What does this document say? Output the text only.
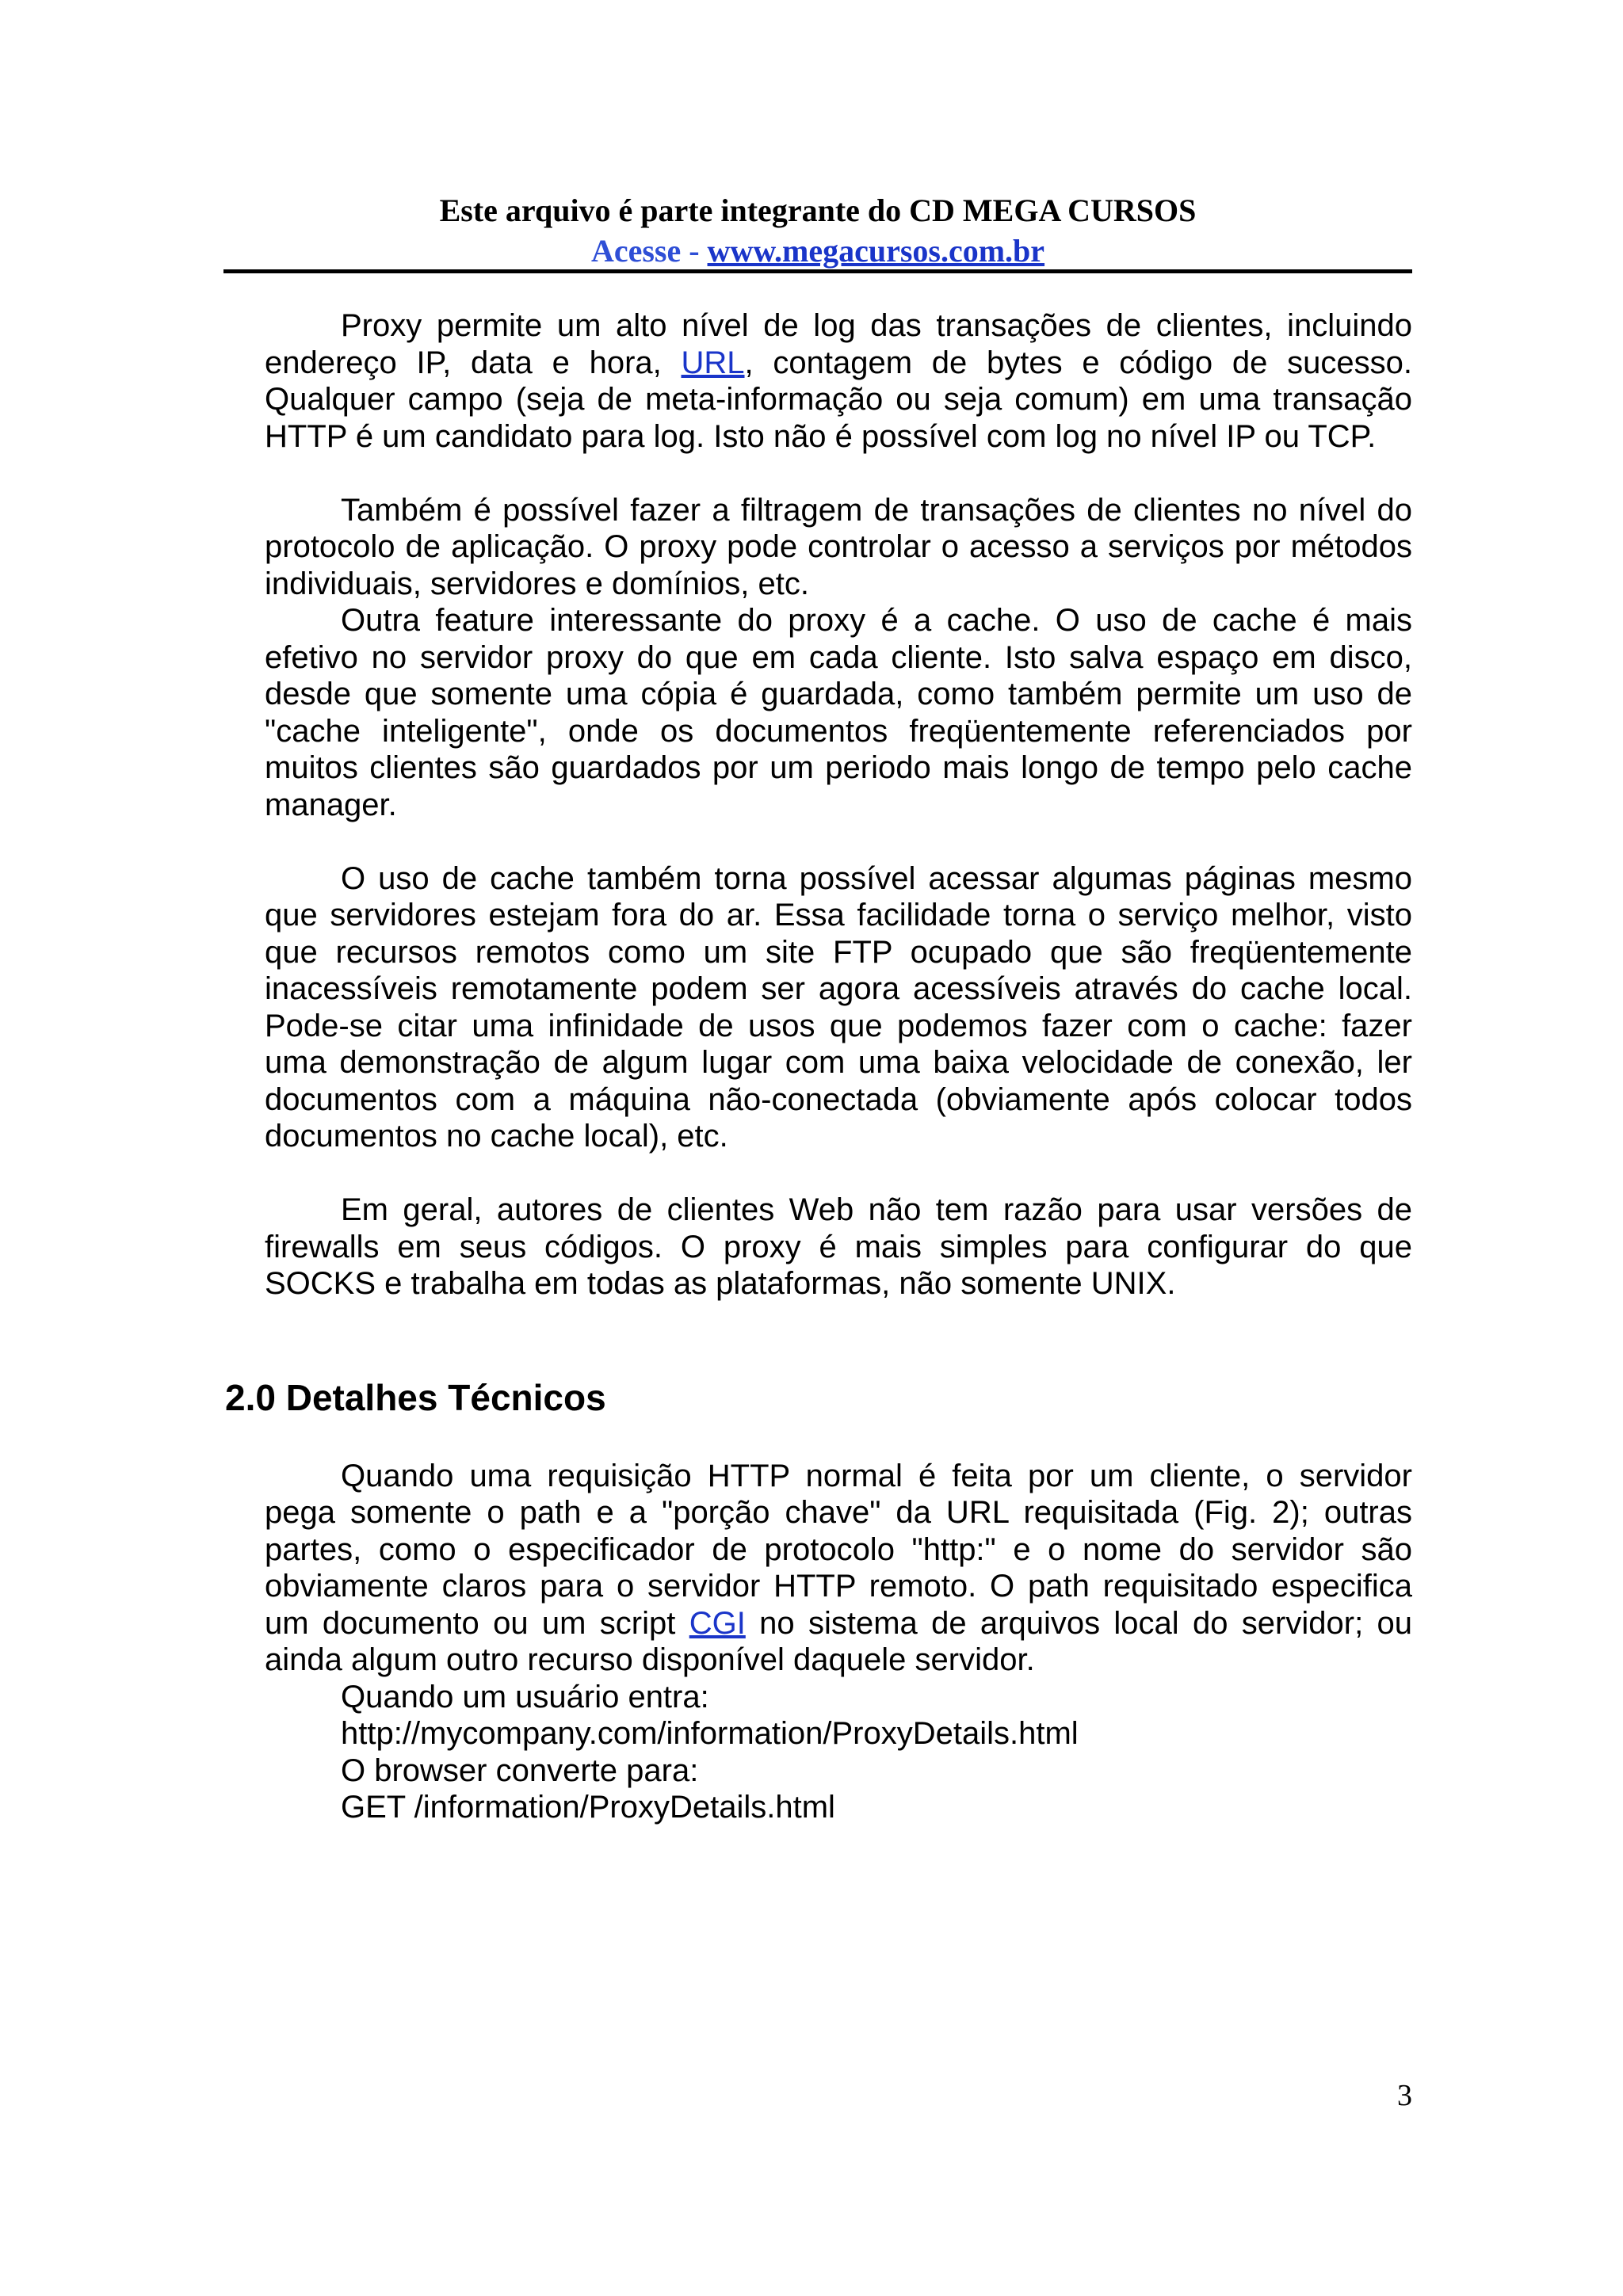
Este arquivo é parte integrante do CD MEGA CURSOS
Acesse - www.megacursos.com.br

Proxy permite um alto nível de log das transações de clientes, incluindo endereço IP, data e hora, URL, contagem de bytes e código de sucesso. Qualquer campo (seja de meta-informação ou seja comum) em uma transação HTTP é um candidato para log. Isto não é possível com log no nível IP ou TCP.

Também é possível fazer a filtragem de transações de clientes no nível do protocolo de aplicação. O proxy pode controlar o acesso a serviços por métodos individuais, servidores e domínios, etc.

Outra feature interessante do proxy é a cache. O uso de cache é mais efetivo no servidor proxy do que em cada cliente. Isto salva espaço em disco, desde que somente uma cópia é guardada, como também permite um uso de "cache inteligente", onde os documentos freqüentemente referenciados por muitos clientes são guardados por um periodo mais longo de tempo pelo cache manager.

O uso de cache também torna possível acessar algumas páginas mesmo que servidores estejam fora do ar. Essa facilidade torna o serviço melhor, visto que recursos remotos como um site FTP ocupado que são freqüentemente inacessíveis remotamente podem ser agora acessíveis através do cache local. Pode-se citar uma infinidade de usos que podemos fazer com o cache: fazer uma demonstração de algum lugar com uma baixa velocidade de conexão, ler documentos com a máquina não-conectada (obviamente após colocar todos documentos no cache local), etc.

Em geral, autores de clientes Web não tem razão para usar versões de firewalls em seus códigos. O proxy é mais simples para configurar do que SOCKS e trabalha em todas as plataformas, não somente UNIX.

2.0 Detalhes Técnicos

Quando uma requisição HTTP normal é feita por um cliente, o servidor pega somente o path e a "porção chave" da URL requisitada (Fig. 2); outras partes, como o especificador de protocolo "http:" e o nome do servidor são obviamente claros para o servidor HTTP remoto. O path requisitado especifica um documento ou um script CGI no sistema de arquivos local do servidor; ou ainda algum outro recurso disponível daquele servidor.

Quando um usuário entra:

http://mycompany.com/information/ProxyDetails.html

O browser converte para:

GET /information/ProxyDetails.html

3
